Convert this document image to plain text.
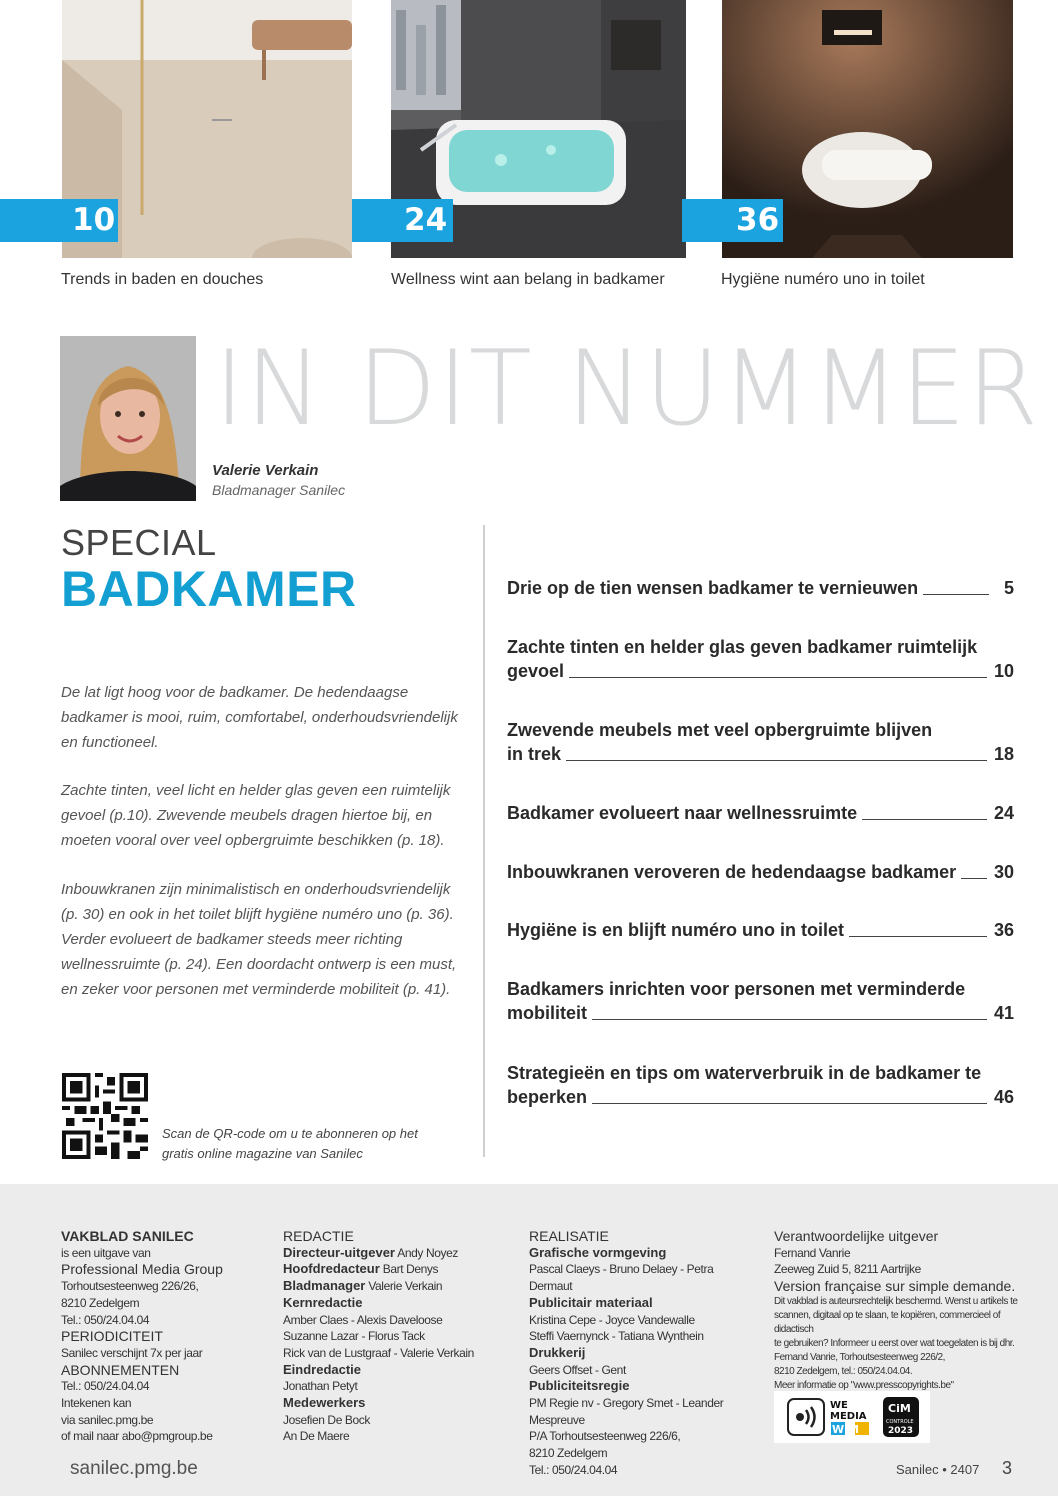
10	24	36
Trends in baden en douches	Wellness wint aan belang in badkamer	Hygiëne numéro uno in toilet
IN DIT NUMMER
Valerie Verkain
Bladmanager Sanilec
SPECIAL
BADKAMER

De lat ligt hoog voor de badkamer. De hedendaagse badkamer is mooi, ruim, comfortabel, onderhoudsvriendelijk en functioneel.

Zachte tinten, veel licht en helder glas geven een ruimtelijk gevoel (p.10). Zwevende meubels dragen hiertoe bij, en moeten vooral over veel opbergruimte beschikken (p. 18).

Inbouwkranen zijn minimalistisch en onderhoudsvriendelijk (p. 30) en ook in het toilet blijft hygiëne numéro uno (p. 36). Verder evolueert de badkamer steeds meer richting wellnessruimte (p. 24). Een doordacht ontwerp is een must, en zeker voor personen met verminderde mobiliteit (p. 41).

Scan de QR-code om u te abonneren op het gratis online magazine van Sanilec

Drie op de tien wensen badkamer te vernieuwen	5
Zachte tinten en helder glas geven badkamer ruimtelijk
gevoel	10
Zwevende meubels met veel opbergruimte blijven
in trek	18
Badkamer evolueert naar wellnessruimte	24
Inbouwkranen veroveren de hedendaagse badkamer 30
Hygiëne is en blijft numéro uno in toilet	36
Badkamers inrichten voor personen met verminderde
mobiliteit	41
Strategieën en tips om waterverbruik in de badkamer te
beperken	46
VAKBLAD SANILEC
is een uitgave van
Professional Media Group
Torhoutsesteenweg 226/26,
8210 Zedelgem
Tel.: 050/24.04.04
PERIODICITEIT
Sanilec verschijnt 7x per jaar
ABONNEMENTEN
Tel.: 050/24.04.04
Intekenen kan
via sanilec.pmg.be
of mail naar abo@pmgroup.be
REDACTIE
Directeur-uitgever Andy Noyez
Hoofdredacteur Bart Denys
Bladmanager Valerie Verkain
Kernredactie
Amber Claes - Alexis Daveloose
Suzanne Lazar - Florus Tack
Rick van de Lustgraaf - Valerie Verkain
Eindredactie
Jonathan Petyt
Medewerkers
Josefien De Bock
An De Maere
REALISATIE
Grafische vormgeving
Pascal Claeys - Bruno Delaey - Petra Dermaut
Publicitair materiaal
Kristina Cepe - Joyce Vandewalle
Steffi Vaernynck - Tatiana Wynthein
Drukkerij
Geers Offset - Gent
Publiciteitsregie
PM Regie nv - Gregory Smet - Leander Mespreuve
P/A Torhoutsesteenweg 226/6,
8210 Zedelgem
Tel.: 050/24.04.04
Verantwoordelijke uitgever
Fernand Vanrie
Zeeweg Zuid 5, 8211 Aartrijke
Version française sur simple demande.
Dit vakblad is auteursrechtelijk beschermd. Wenst u artikels te
scannen, digitaal op te slaan, te kopiëren, commercieel of didactisch
te gebruiken? Informeer u eerst over wat toegelaten is bij dhr.
Fernand Vanrie, Torhoutsesteenweg 226/2,
8210 Zedelgem, tel.: 050/24.04.04.
Meer informatie op "www.presscopyrights.be"
WE
MEDIA
W M
CiM
CONTROLE
2023
sanilec.pmg.be	Sanilec • 2407 3
